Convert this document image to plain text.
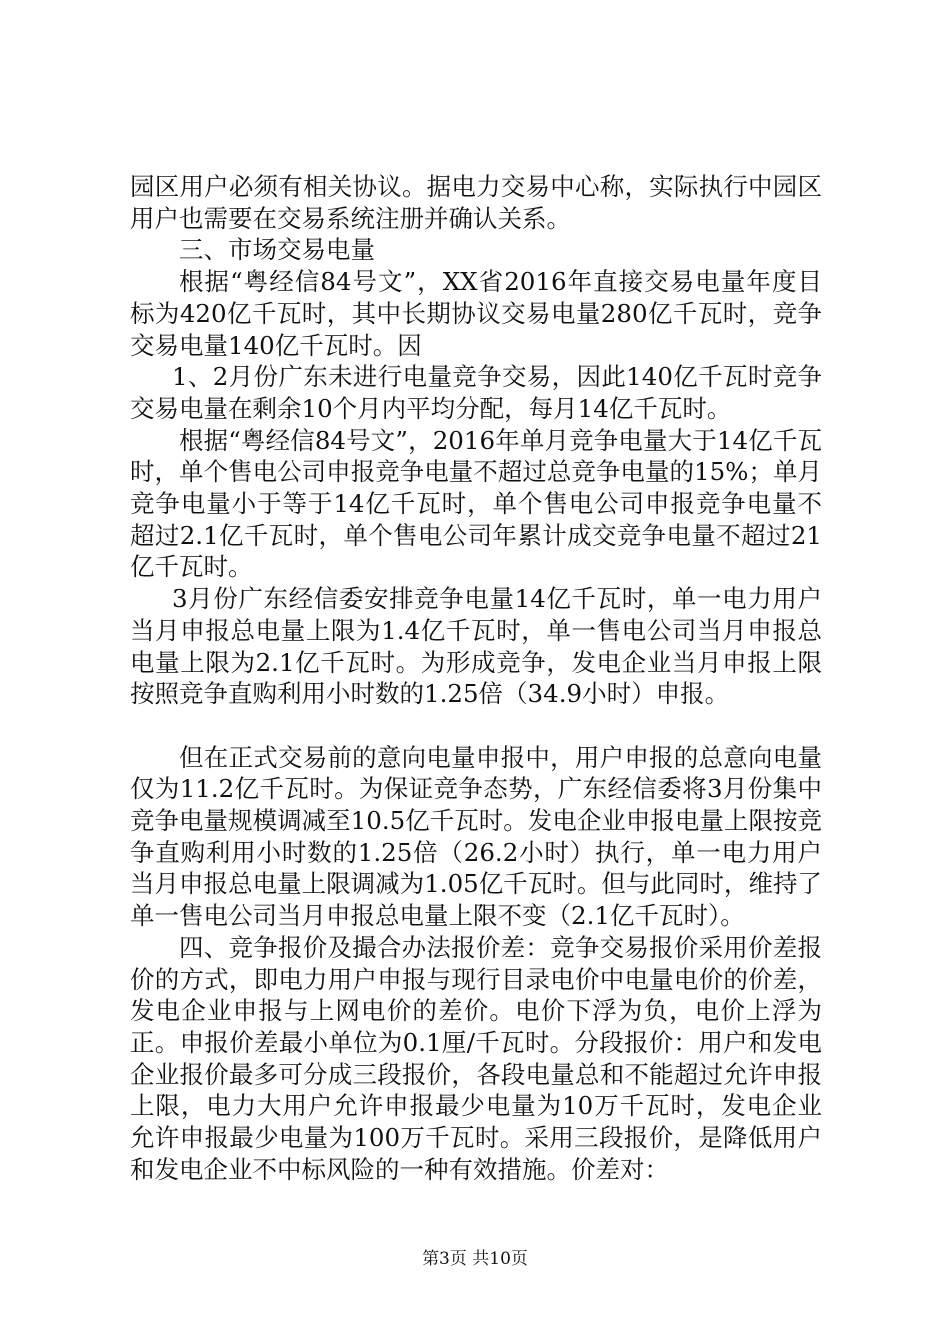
园区用户必须有相关协议。据电力交易中心称，实际执行中园区用户也需要在交易系统注册并确认关系。

三、市场交易电量

根据“粤经信84号文”，XX省2016年直接交易电量年度目标为420亿千瓦时，其中长期协议交易电量280亿千瓦时，竞争交易电量140亿千瓦时。因

1、2月份广东未进行电量竞争交易，因此140亿千瓦时竞争交易电量在剩余10个月内平均分配，每月14亿千瓦时。

根据“粤经信84号文”，2016年单月竞争电量大于14亿千瓦时，单个售电公司申报竞争电量不超过总竞争电量的15%；单月竞争电量小于等于14亿千瓦时，单个售电公司申报竞争电量不超过2.1亿千瓦时，单个售电公司年累计成交竞争电量不超过21亿千瓦时。

3月份广东经信委安排竞争电量14亿千瓦时，单一电力用户当月申报总电量上限为1.4亿千瓦时，单一售电公司当月申报总电量上限为2.1亿千瓦时。为形成竞争，发电企业当月申报上限按照竞争直购利用小时数的1.25倍（34.9小时）申报。

但在正式交易前的意向电量申报中，用户申报的总意向电量仅为11.2亿千瓦时。为保证竞争态势，广东经信委将3月份集中竞争电量规模调减至10.5亿千瓦时。发电企业申报电量上限按竞争直购利用小时数的1.25倍（26.2小时）执行，单一电力用户当月申报总电量上限调减为1.05亿千瓦时。但与此同时，维持了单一售电公司当月申报总电量上限不变（2.1亿千瓦时）。

四、竞争报价及撮合办法报价差：竞争交易报价采用价差报价的方式，即电力用户申报与现行目录电价中电量电价的价差，发电企业申报与上网电价的差价。电价下浮为负，电价上浮为正。申报价差最小单位为0.1厘/千瓦时。分段报价：用户和发电企业报价最多可分成三段报价，各段电量总和不能超过允许申报上限，电力大用户允许申报最少电量为10万千瓦时，发电企业允许申报最少电量为100万千瓦时。采用三段报价，是降低用户和发电企业不中标风险的一种有效措施。价差对：

第3页 共10页
